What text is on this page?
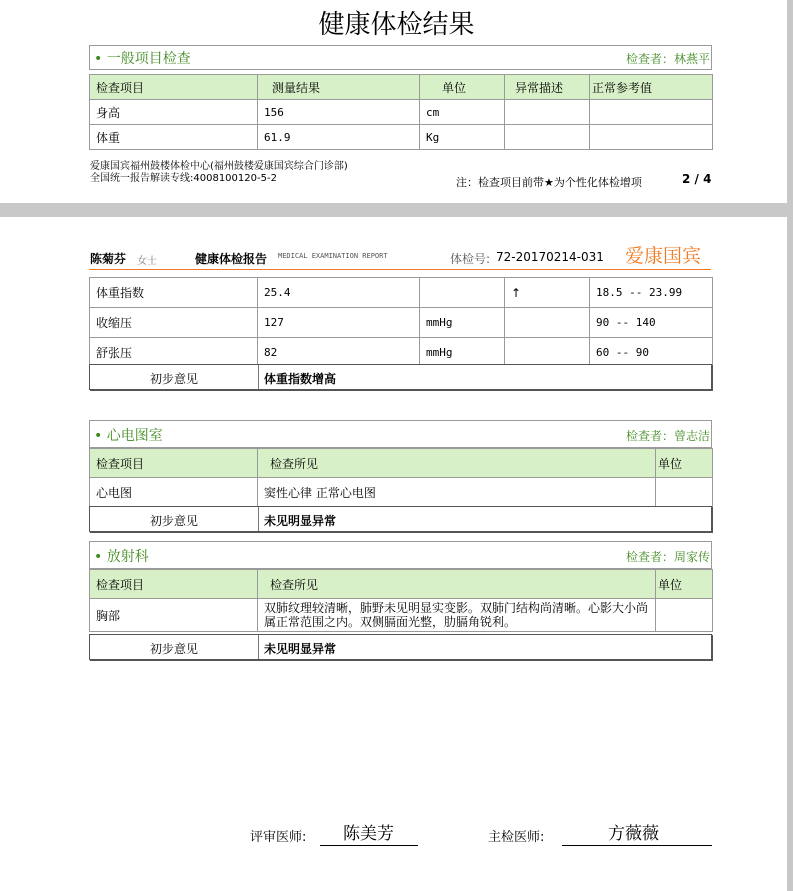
健康体检结果
• 一般项目检查	检查者：林燕平
检查项目	测量结果	单位	异常描述	正常参考值
身高	156	cm		
体重	61.9	Kg		
爱康国宾福州鼓楼体检中心(福州鼓楼爱康国宾综合门诊部)
全国统一报告解读专线:4008100120-5-2	注：检查项目前带★为个性化体检增项	2 / 4
陈菊芬 女士	健康体检报告 MEDICAL EXAMINATION REPORT	体检号: 72-20170214-031 爱康国宾
体重指数	25.4		↑	18.5 -- 23.99
收缩压	127	mmHg		90 -- 140
舒张压	82	mmHg		60 -- 90
初步意见	体重指数增高
• 心电图室	检查者：曾志洁
检查项目	检查所见	单位
心电图	窦性心律 正常心电图	
初步意见	未见明显异常
• 放射科	检查者：周家传
检查项目	检查所见	单位
胸部	双肺纹理较清晰，肺野未见明显实变影。双肺门结构尚清晰。心影大小尚属正常范围之内。双侧膈面光整，肋膈角锐利。	
初步意见	未见明显异常
评审医师: 陈美芳	主检医师:	方薇薇
